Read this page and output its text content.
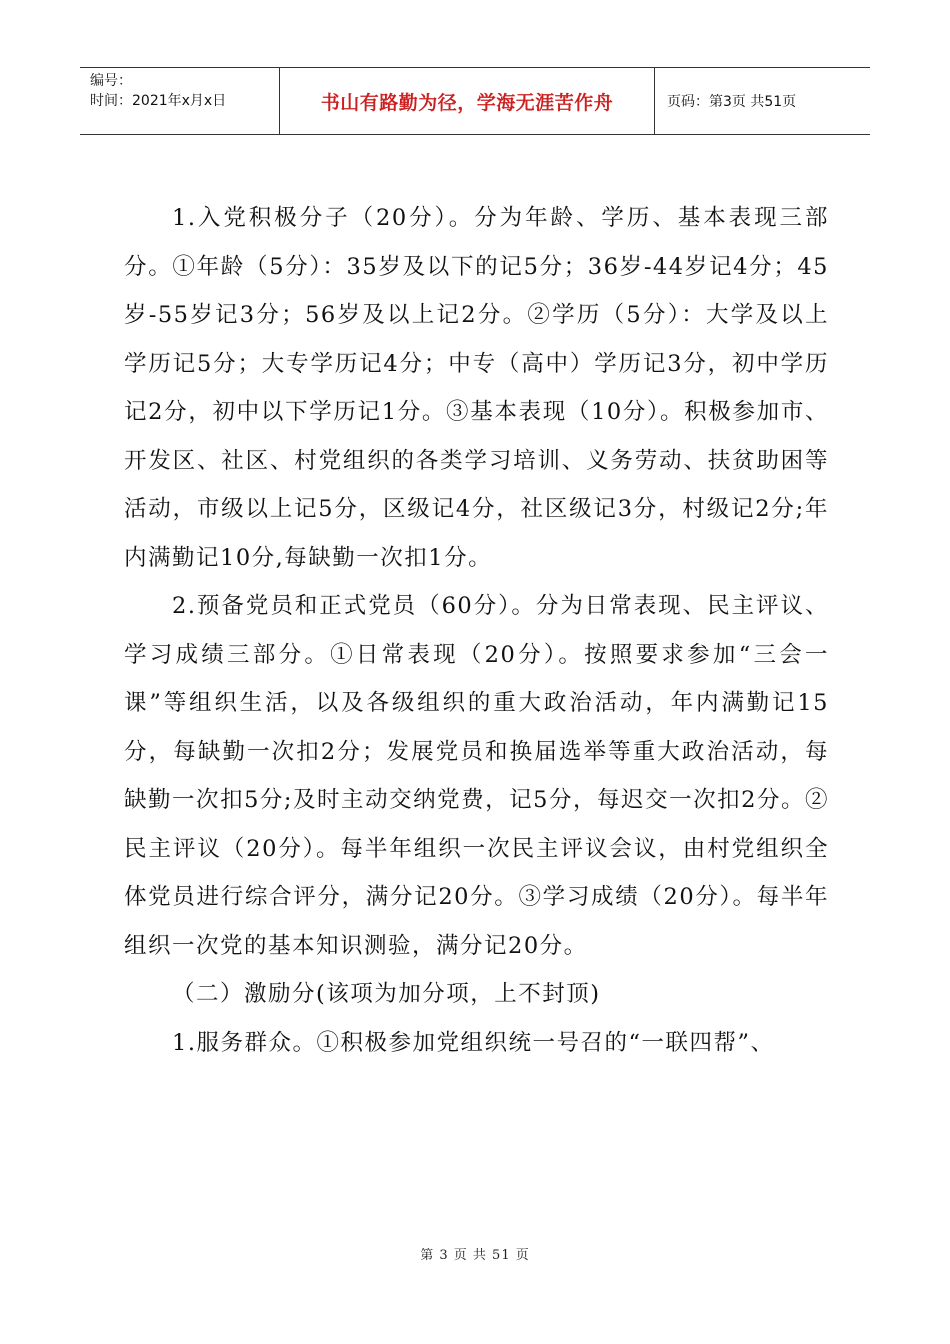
编号：
时间：2021年x月x日	书山有路勤为径，学海无涯苦作舟	页码：第3页 共51页

1.入党积极分子（20分）。分为年龄、学历、基本表现三部分。①年龄（5分）：35岁及以下的记5分；36岁-44岁记4分；45岁-55岁记3分；56岁及以上记2分。②学历（5分）：大学及以上学历记5分；大专学历记4分；中专（高中）学历记3分，初中学历记2分，初中以下学历记1分。③基本表现（10分）。积极参加市、开发区、社区、村党组织的各类学习培训、义务劳动、扶贫助困等活动，市级以上记5分，区级记4分，社区级记3分，村级记2分;年内满勤记10分,每缺勤一次扣1分。

2.预备党员和正式党员（60分）。分为日常表现、民主评议、学习成绩三部分。①日常表现（20分）。按照要求参加“三会一课”等组织生活，以及各级组织的重大政治活动，年内满勤记15分，每缺勤一次扣2分；发展党员和换届选举等重大政治活动，每缺勤一次扣5分;及时主动交纳党费，记5分，每迟交一次扣2分。②民主评议（20分）。每半年组织一次民主评议会议，由村党组织全体党员进行综合评分，满分记20分。③学习成绩（20分）。每半年组织一次党的基本知识测验，满分记20分。

（二）激励分(该项为加分项，上不封顶)

1.服务群众。①积极参加党组织统一号召的“一联四帮”、

第 3 页 共 51 页
